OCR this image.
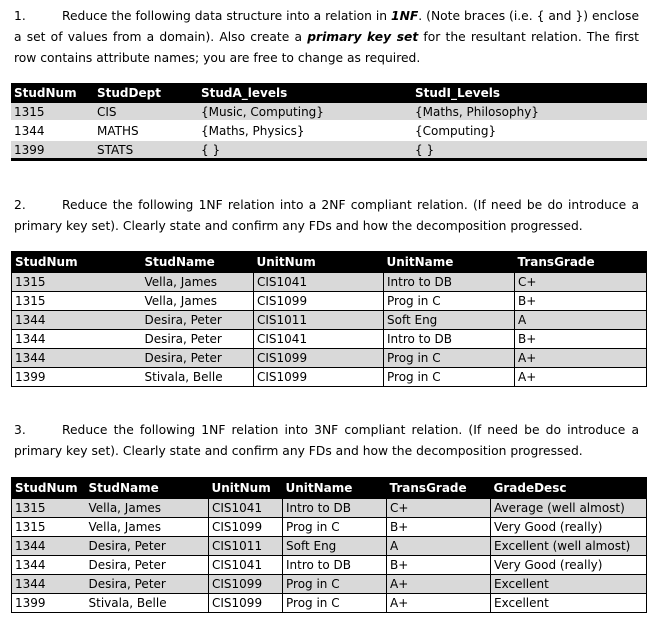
1.	Reduce the following data structure into a relation in 1NF. (Note braces (i.e. { and }) enclose a set of values from a domain). Also create a primary key set for the resultant relation. The first row contains attribute names; you are free to change as required.
StudNum	StudDept	StudA_levels	StudI_Levels
1315	CIS	{Music, Computing}	{Maths, Philosophy}
1344	MATHS	{Maths, Physics}	{Computing}
1399	STATS	{ }	{ }
2.	Reduce the following 1NF relation into a 2NF compliant relation. (If need be do introduce a primary key set). Clearly state and confirm any FDs and how the decomposition progressed.
StudNum	StudName	UnitNum	UnitName	TransGrade
1315	Vella, James	CIS1041	Intro to DB	C+
1315	Vella, James	CIS1099	Prog in C	B+
1344	Desira, Peter	CIS1011	Soft Eng	A
1344	Desira, Peter	CIS1041	Intro to DB	B+
1344	Desira, Peter	CIS1099	Prog in C	A+
1399	Stivala, Belle	CIS1099	Prog in C	A+
3.	Reduce the following 1NF relation into 3NF compliant relation. (If need be do introduce a primary key set). Clearly state and confirm any FDs and how the decomposition progressed.
StudNum	StudName	UnitNum	UnitName	TransGrade	GradeDesc
1315	Vella, James	CIS1041	Intro to DB	C+	Average (well almost)
1315	Vella, James	CIS1099	Prog in C	B+	Very Good (really)
1344	Desira, Peter	CIS1011	Soft Eng	A	Excellent (well almost)
1344	Desira, Peter	CIS1041	Intro to DB	B+	Very Good (really)
1344	Desira, Peter	CIS1099	Prog in C	A+	Excellent
1399	Stivala, Belle	CIS1099	Prog in C	A+	Excellent
